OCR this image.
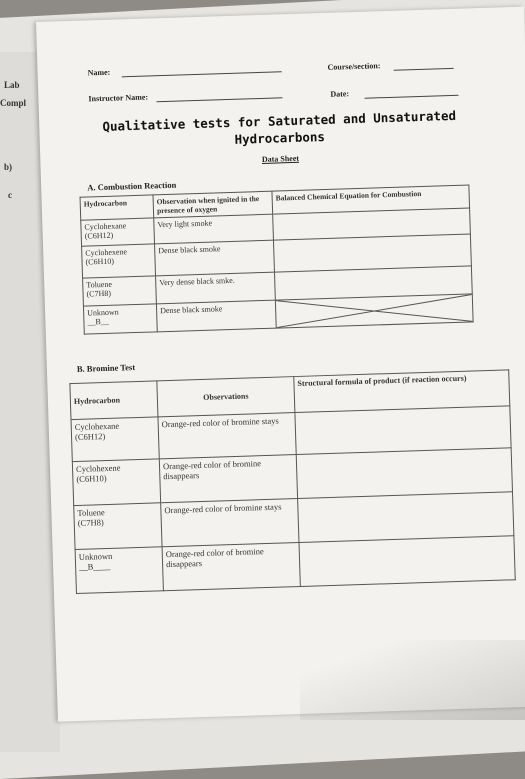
Lab
Compl
b)
c
Name:
Course/section:
Instructor Name:	Date:
Qualitative tests for Saturated and Unsaturated
Hydrocarbons
Data Sheet
A. Combustion Reaction
Hydrocarbon	Observation when ignited in the presence of oxygen	Balanced Chemical Equation for Combustion

Cyclohexane
(C6H12)	Very light smoke	

Cyclohexene
(C6H10)	Dense black smoke	

Toluene
(C7H8)	Very dense black smke.	

Unknown
__B__	Dense black smoke	
B. Bromine Test
Hydrocarbon	Observations	Structural formula of product (if reaction occurs)

Cyclohexane
(C6H12)	Orange-red color of bromine stays	

Cyclohexene
(C6H10)	Orange-red color of bromine disappears	

Toluene
(C7H8)	Orange-red color of bromine stays	

Unknown
__B____	Orange-red color of bromine disappears	
